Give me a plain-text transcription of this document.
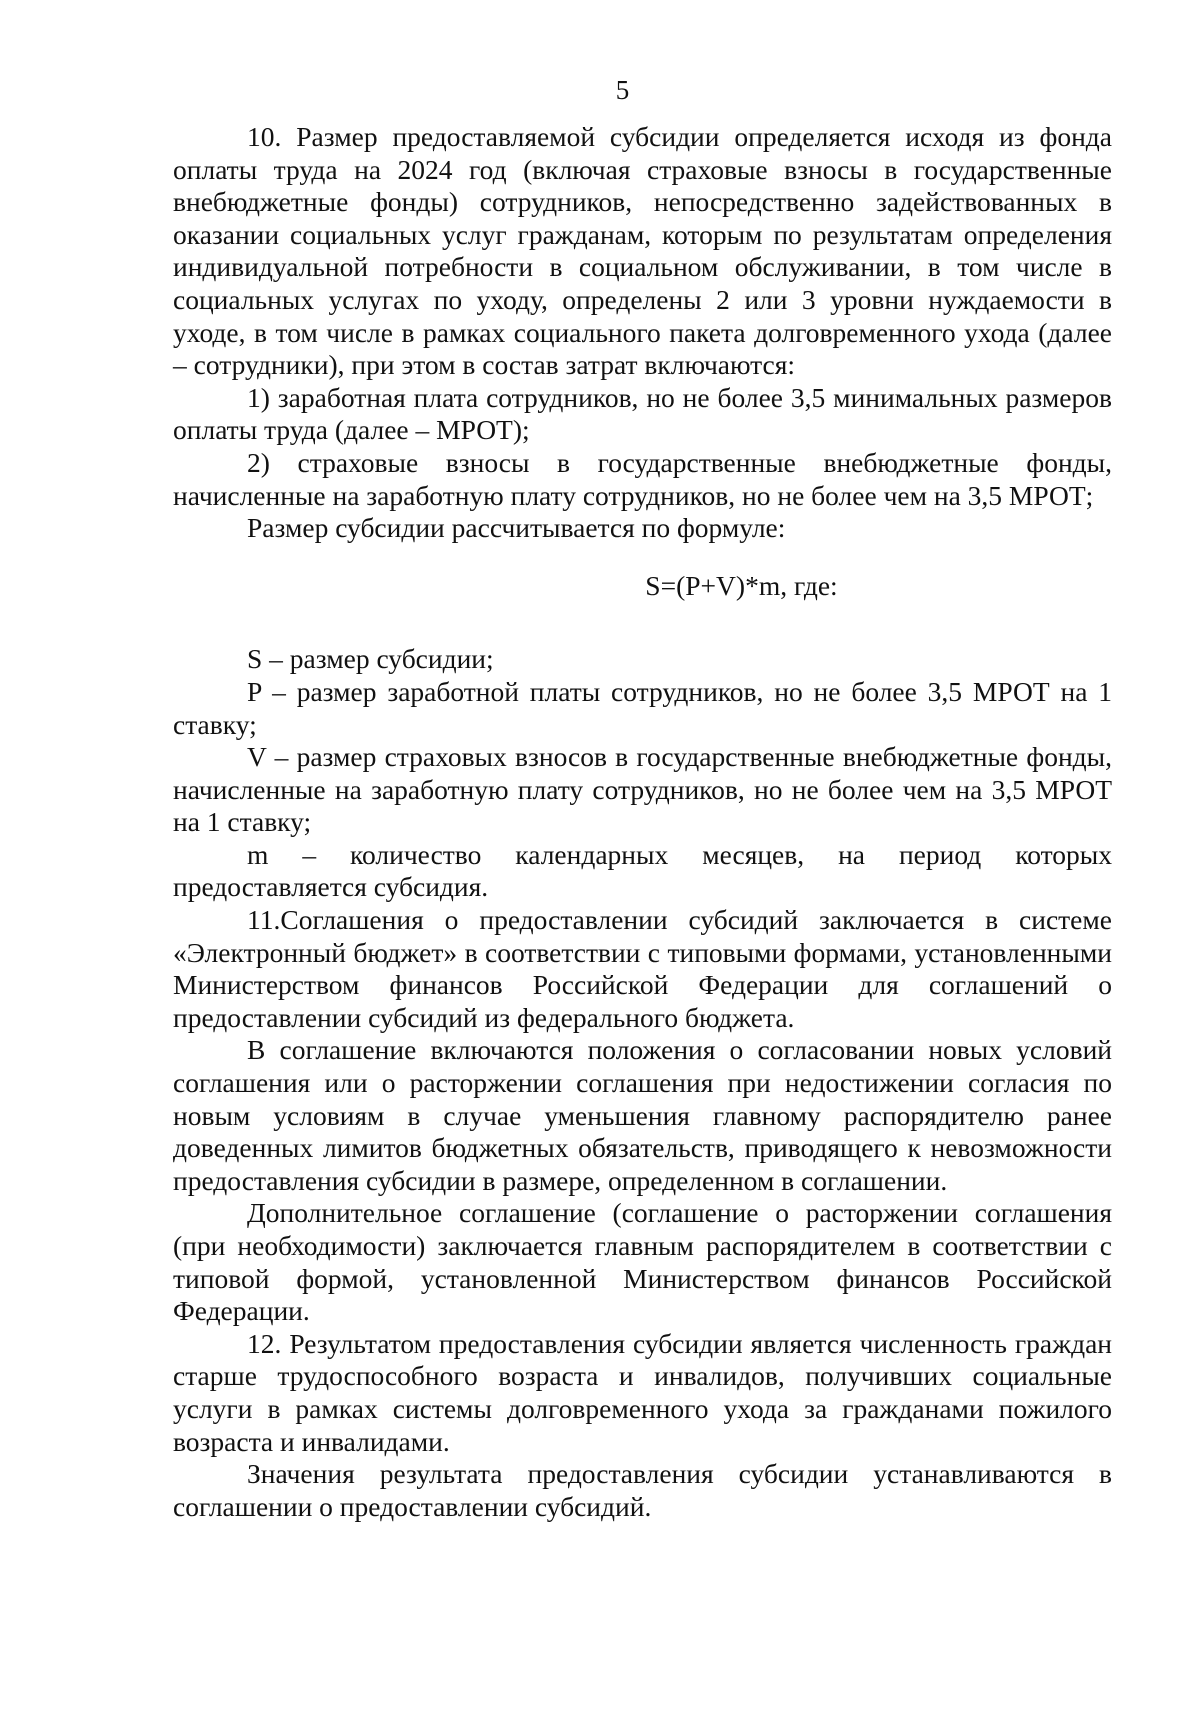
5

10. Размер предоставляемой субсидии определяется исходя из фонда оплаты труда на 2024 год (включая страховые взносы в государственные внебюджетные фонды) сотрудников, непосредственно задействованных в оказании социальных услуг гражданам, которым по результатам определения индивидуальной потребности в социальном обслуживании, в том числе в социальных услугах по уходу, определены 2 или 3 уровни нуждаемости в уходе, в том числе в рамках социального пакета долговременного ухода (далее – сотрудники), при этом в состав затрат включаются:

1) заработная плата сотрудников, но не более 3,5 минимальных размеров оплаты труда (далее – МРОТ);

2) страховые взносы в государственные внебюджетные фонды, начисленные на заработную плату сотрудников, но не более чем на 3,5 МРОТ;

Размер субсидии рассчитывается по формуле:

S=(P+V)*m, где:

S – размер субсидии;

P – размер заработной платы сотрудников, но не более 3,5 МРОТ на 1 ставку;

V – размер страховых взносов в государственные внебюджетные фонды, начисленные на заработную плату сотрудников, но не более чем на 3,5 МРОТ на 1 ставку;

m – количество календарных месяцев, на период которых предоставляется субсидия.

11.Соглашения о предоставлении субсидий заключается в системе «Электронный бюджет» в соответствии с типовыми формами, установленными Министерством финансов Российской Федерации для соглашений о предоставлении субсидий из федерального бюджета.

В соглашение включаются положения о согласовании новых условий соглашения или о расторжении соглашения при недостижении согласия по новым условиям в случае уменьшения главному распорядителю ранее доведенных лимитов бюджетных обязательств, приводящего к невозможности предоставления субсидии в размере, определенном в соглашении.

Дополнительное соглашение (соглашение о расторжении соглашения (при необходимости) заключается главным распорядителем в соответствии с типовой формой, установленной Министерством финансов Российской Федерации.

12. Результатом предоставления субсидии является численность граждан старше трудоспособного возраста и инвалидов, получивших социальные услуги в рамках системы долговременного ухода за гражданами пожилого возраста и инвалидами.

Значения результата предоставления субсидии устанавливаются в соглашении о предоставлении субсидий.
